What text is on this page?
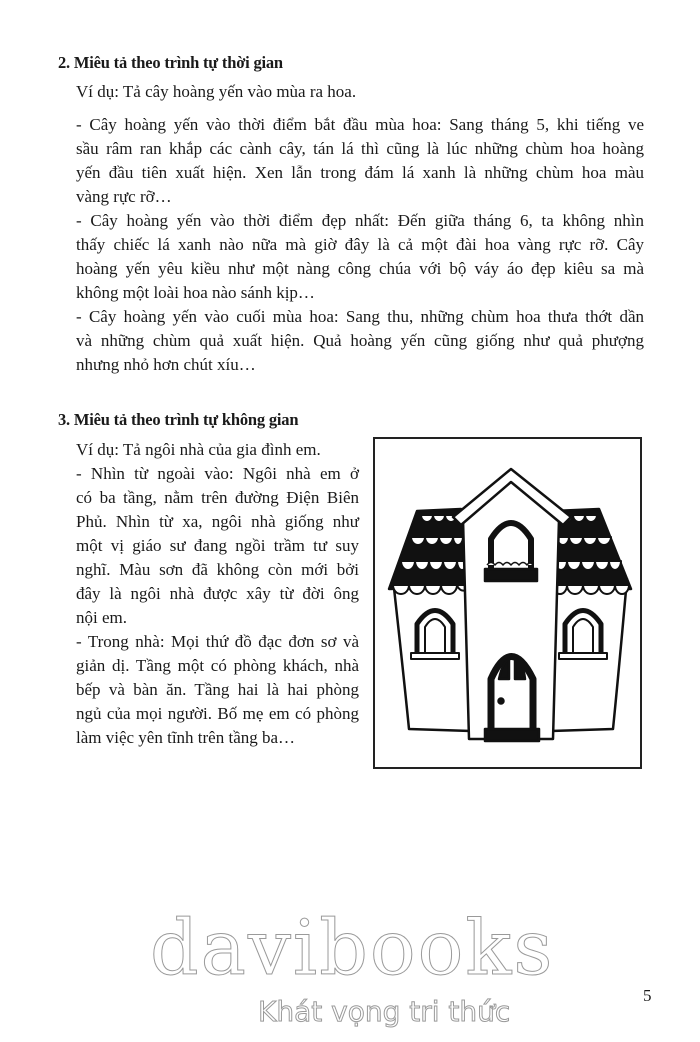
2. Miêu tả theo trình tự thời gian

Ví dụ: Tả cây hoàng yến vào mùa ra hoa.

- Cây hoàng yến vào thời điểm bắt đầu mùa hoa: Sang tháng 5, khi tiếng ve
sầu râm ran khắp các cành cây, tán lá thì cũng là lúc những chùm hoa hoàng
yến đầu tiên xuất hiện. Xen lẫn trong đám lá xanh là những chùm hoa màu
vàng rực rỡ…
- Cây hoàng yến vào thời điểm đẹp nhất: Đến giữa tháng 6, ta không nhìn
thấy chiếc lá xanh nào nữa mà giờ đây là cả một đài hoa vàng rực rỡ. Cây
hoàng yến yêu kiều như một nàng công chúa với bộ váy áo đẹp kiêu sa mà
không một loài hoa nào sánh kịp…
- Cây hoàng yến vào cuối mùa hoa: Sang thu, những chùm hoa thưa thớt dần
và những chùm quả xuất hiện. Quả hoàng yến cũng giống như quả phượng
nhưng nhỏ hơn chút xíu…
3. Miêu tả theo trình tự không gian

Ví dụ: Tả ngôi nhà của gia đình em.

- Nhìn từ ngoài vào: Ngôi nhà em ở
có ba tầng, nằm trên đường Điện Biên
Phủ. Nhìn từ xa, ngôi nhà giống như
một vị giáo sư đang ngồi trầm tư suy
nghĩ. Màu sơn đã không còn mới bởi
đây là ngôi nhà được xây từ đời ông
nội em.
- Trong nhà: Mọi thứ đồ đạc đơn sơ và
giản dị. Tầng một có phòng khách, nhà
bếp và bàn ăn. Tầng hai là hai phòng
ngủ của mọi người. Bố mẹ em có phòng
làm việc yên tĩnh trên tầng ba…
davibooks
Khát vọng tri thức	5
